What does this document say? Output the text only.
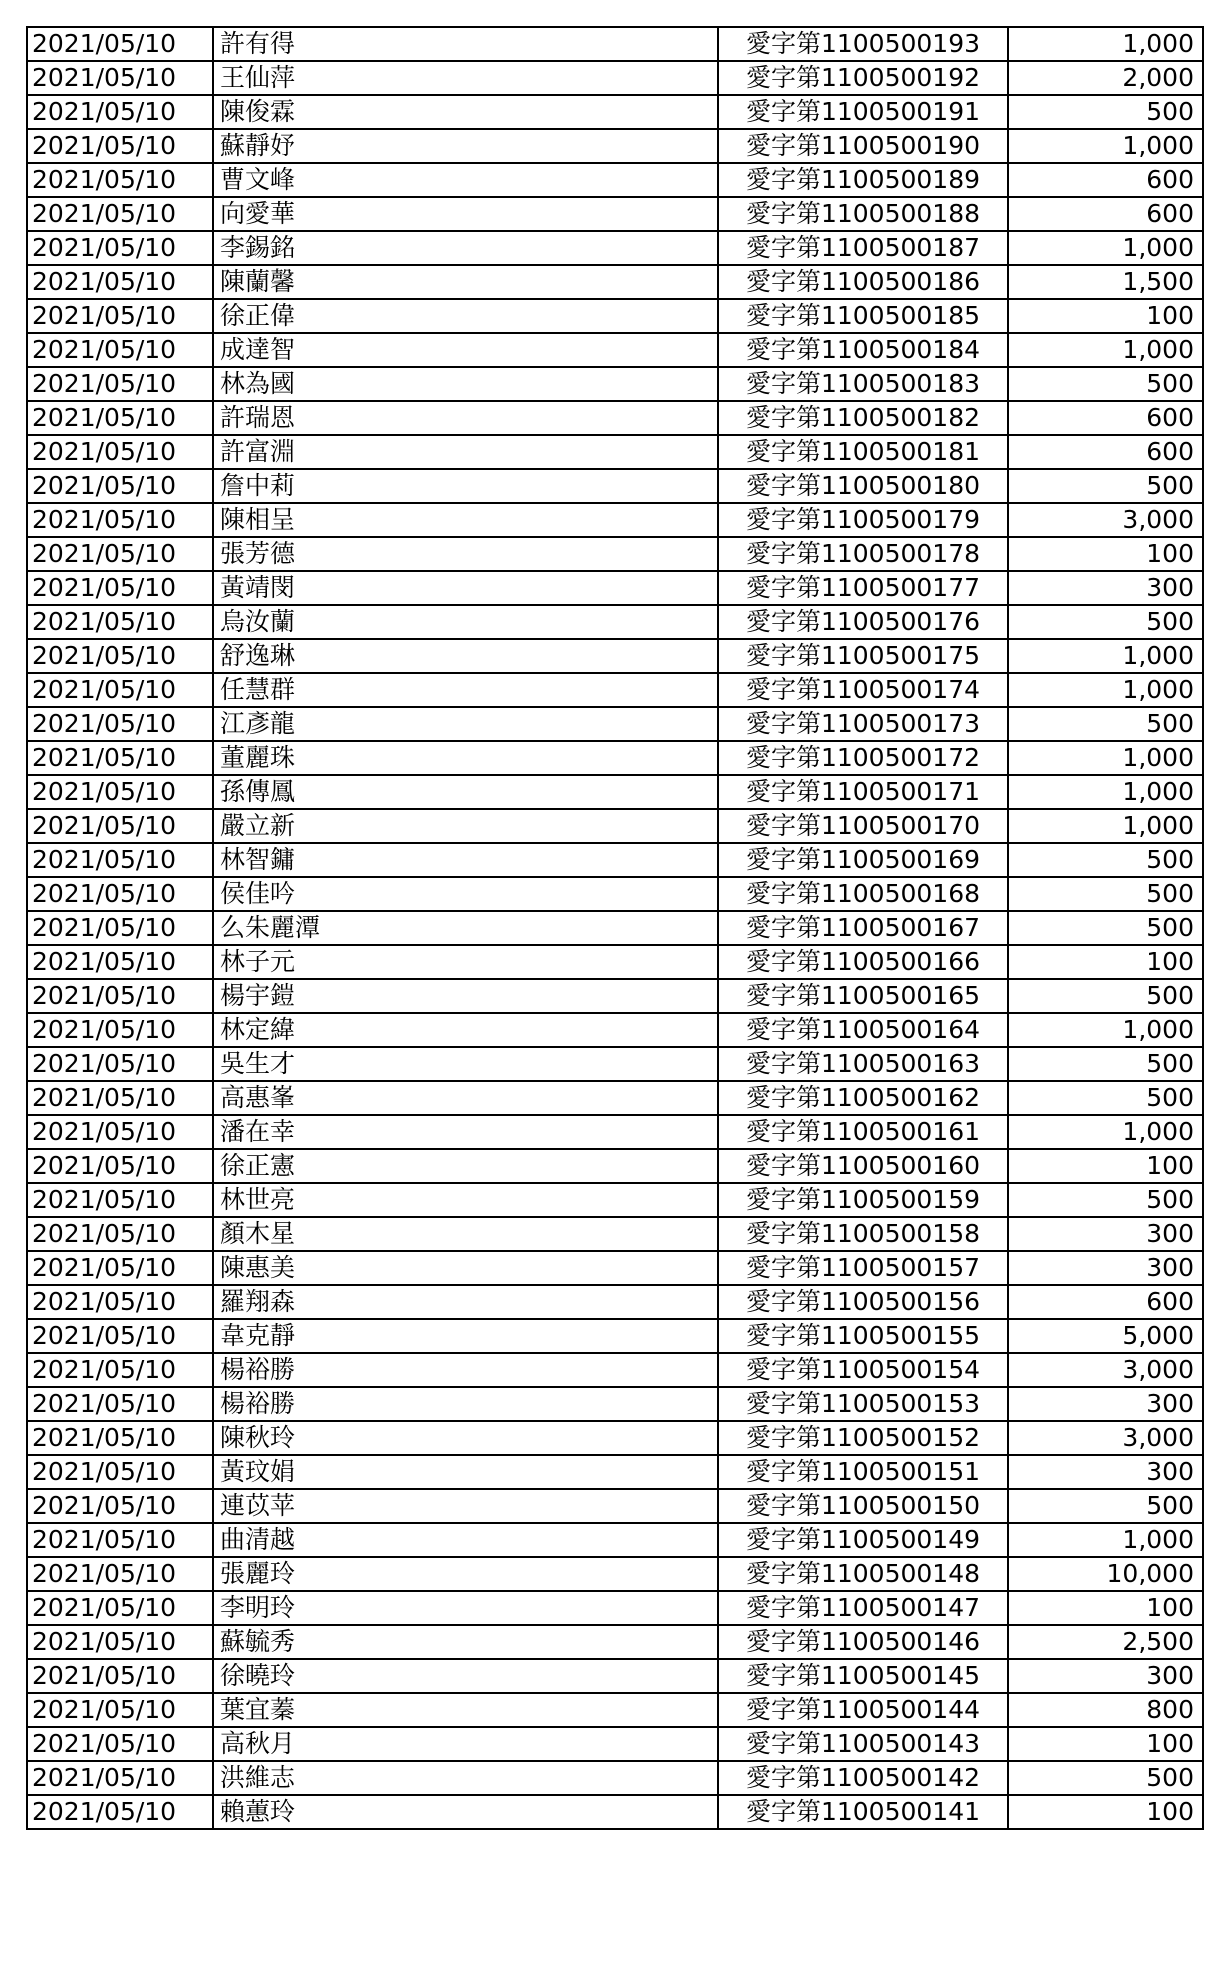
2021/05/10	許有得	愛字第1100500193	1,000
2021/05/10	王仙萍	愛字第1100500192	2,000
2021/05/10	陳俊霖	愛字第1100500191	500
2021/05/10	蘇靜妤	愛字第1100500190	1,000
2021/05/10	曹文峰	愛字第1100500189	600
2021/05/10	向愛華	愛字第1100500188	600
2021/05/10	李錫銘	愛字第1100500187	1,000
2021/05/10	陳蘭馨	愛字第1100500186	1,500
2021/05/10	徐正偉	愛字第1100500185	100
2021/05/10	成達智	愛字第1100500184	1,000
2021/05/10	林為國	愛字第1100500183	500
2021/05/10	許瑞恩	愛字第1100500182	600
2021/05/10	許富淵	愛字第1100500181	600
2021/05/10	詹中莉	愛字第1100500180	500
2021/05/10	陳相呈	愛字第1100500179	3,000
2021/05/10	張芳德	愛字第1100500178	100
2021/05/10	黃靖閔	愛字第1100500177	300
2021/05/10	烏汝蘭	愛字第1100500176	500
2021/05/10	舒逸琳	愛字第1100500175	1,000
2021/05/10	任慧群	愛字第1100500174	1,000
2021/05/10	江彥龍	愛字第1100500173	500
2021/05/10	董麗珠	愛字第1100500172	1,000
2021/05/10	孫傳鳳	愛字第1100500171	1,000
2021/05/10	嚴立新	愛字第1100500170	1,000
2021/05/10	林智鏞	愛字第1100500169	500
2021/05/10	侯佳吟	愛字第1100500168	500
2021/05/10	么朱麗潭	愛字第1100500167	500
2021/05/10	林子元	愛字第1100500166	100
2021/05/10	楊宇鎧	愛字第1100500165	500
2021/05/10	林定緯	愛字第1100500164	1,000
2021/05/10	吳生才	愛字第1100500163	500
2021/05/10	高惠峯	愛字第1100500162	500
2021/05/10	潘在幸	愛字第1100500161	1,000
2021/05/10	徐正憲	愛字第1100500160	100
2021/05/10	林世亮	愛字第1100500159	500
2021/05/10	顏木星	愛字第1100500158	300
2021/05/10	陳惠美	愛字第1100500157	300
2021/05/10	羅翔森	愛字第1100500156	600
2021/05/10	韋克靜	愛字第1100500155	5,000
2021/05/10	楊裕勝	愛字第1100500154	3,000
2021/05/10	楊裕勝	愛字第1100500153	300
2021/05/10	陳秋玲	愛字第1100500152	3,000
2021/05/10	黃玟娟	愛字第1100500151	300
2021/05/10	連苡苹	愛字第1100500150	500
2021/05/10	曲清越	愛字第1100500149	1,000
2021/05/10	張麗玲	愛字第1100500148	10,000
2021/05/10	李明玲	愛字第1100500147	100
2021/05/10	蘇毓秀	愛字第1100500146	2,500
2021/05/10	徐曉玲	愛字第1100500145	300
2021/05/10	葉宜蓁	愛字第1100500144	800
2021/05/10	高秋月	愛字第1100500143	100
2021/05/10	洪維志	愛字第1100500142	500
2021/05/10	賴蕙玲	愛字第1100500141	100
